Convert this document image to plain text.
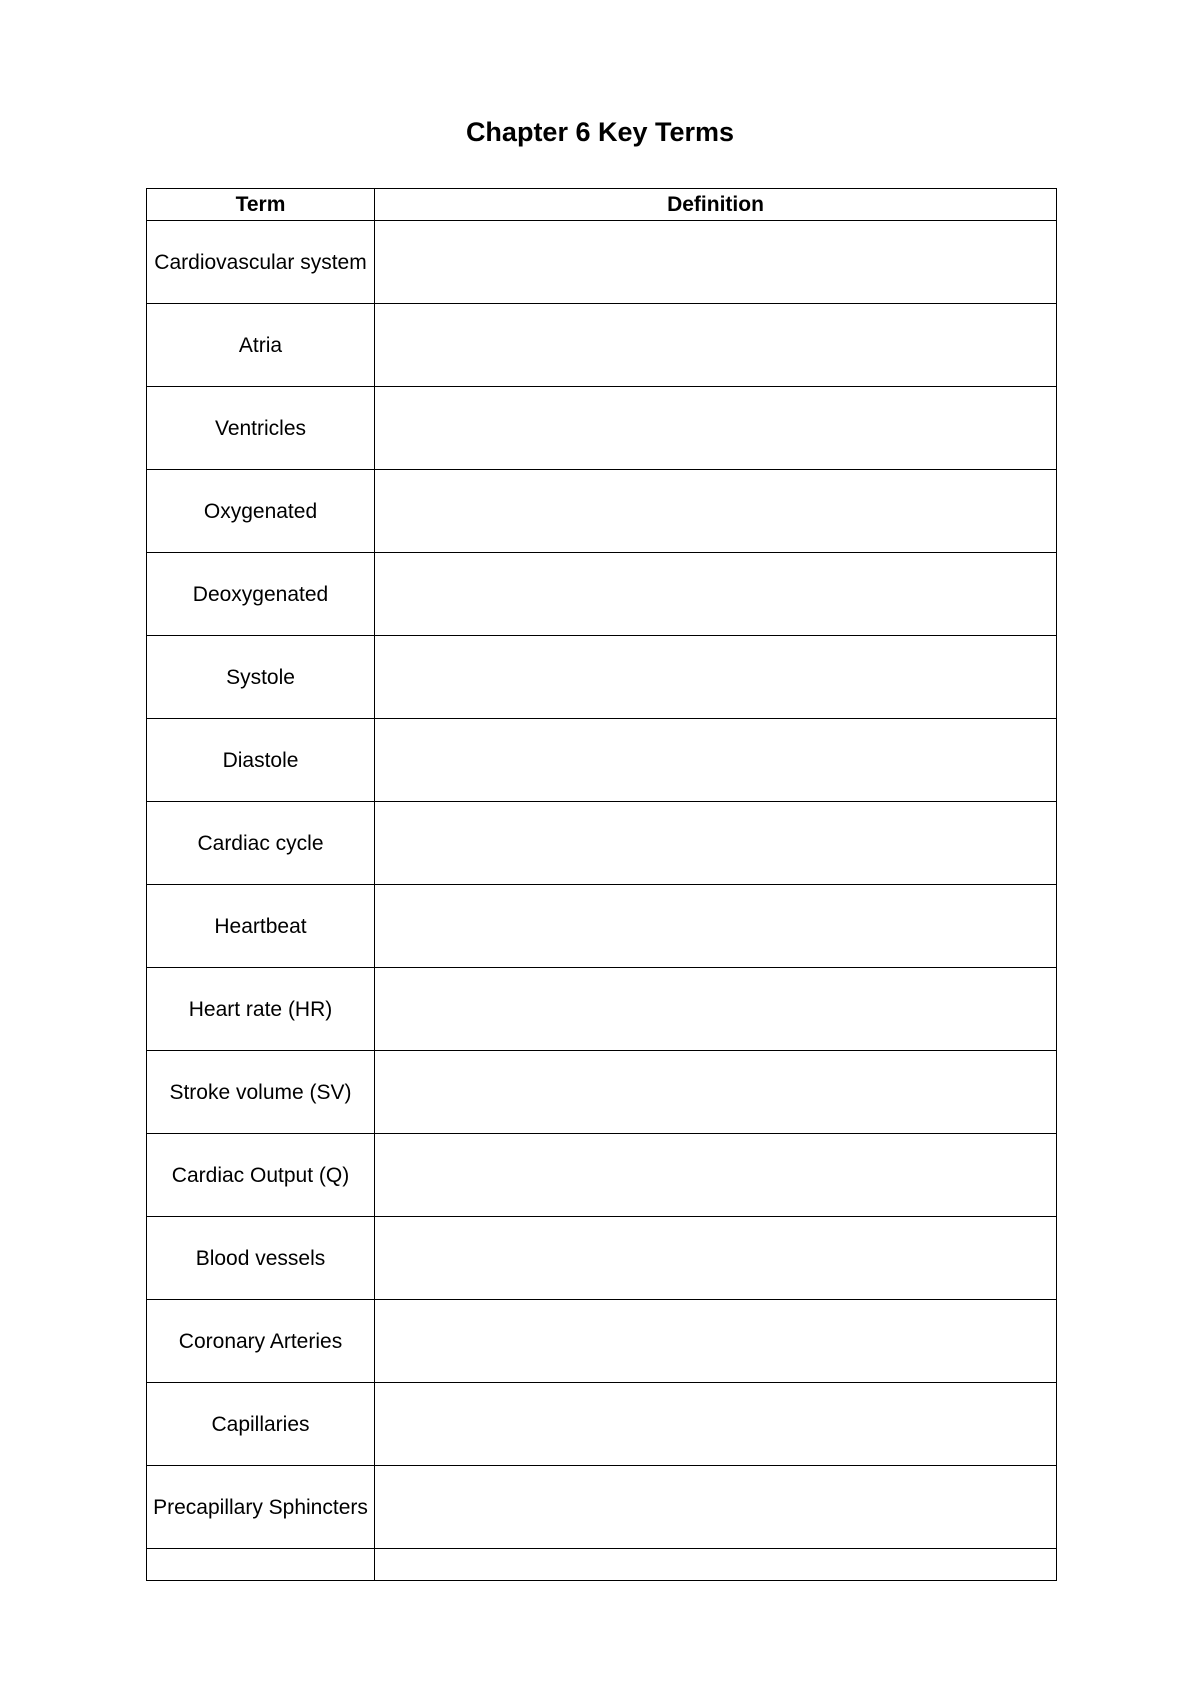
Chapter 6 Key Terms
Term	Definition
Cardiovascular system	
Atria	
Ventricles	
Oxygenated	
Deoxygenated	
Systole	
Diastole	
Cardiac cycle	
Heartbeat	
Heart rate (HR)	
Stroke volume (SV)	
Cardiac Output (Q)	
Blood vessels	
Coronary Arteries	
Capillaries	
Precapillary Sphincters	
